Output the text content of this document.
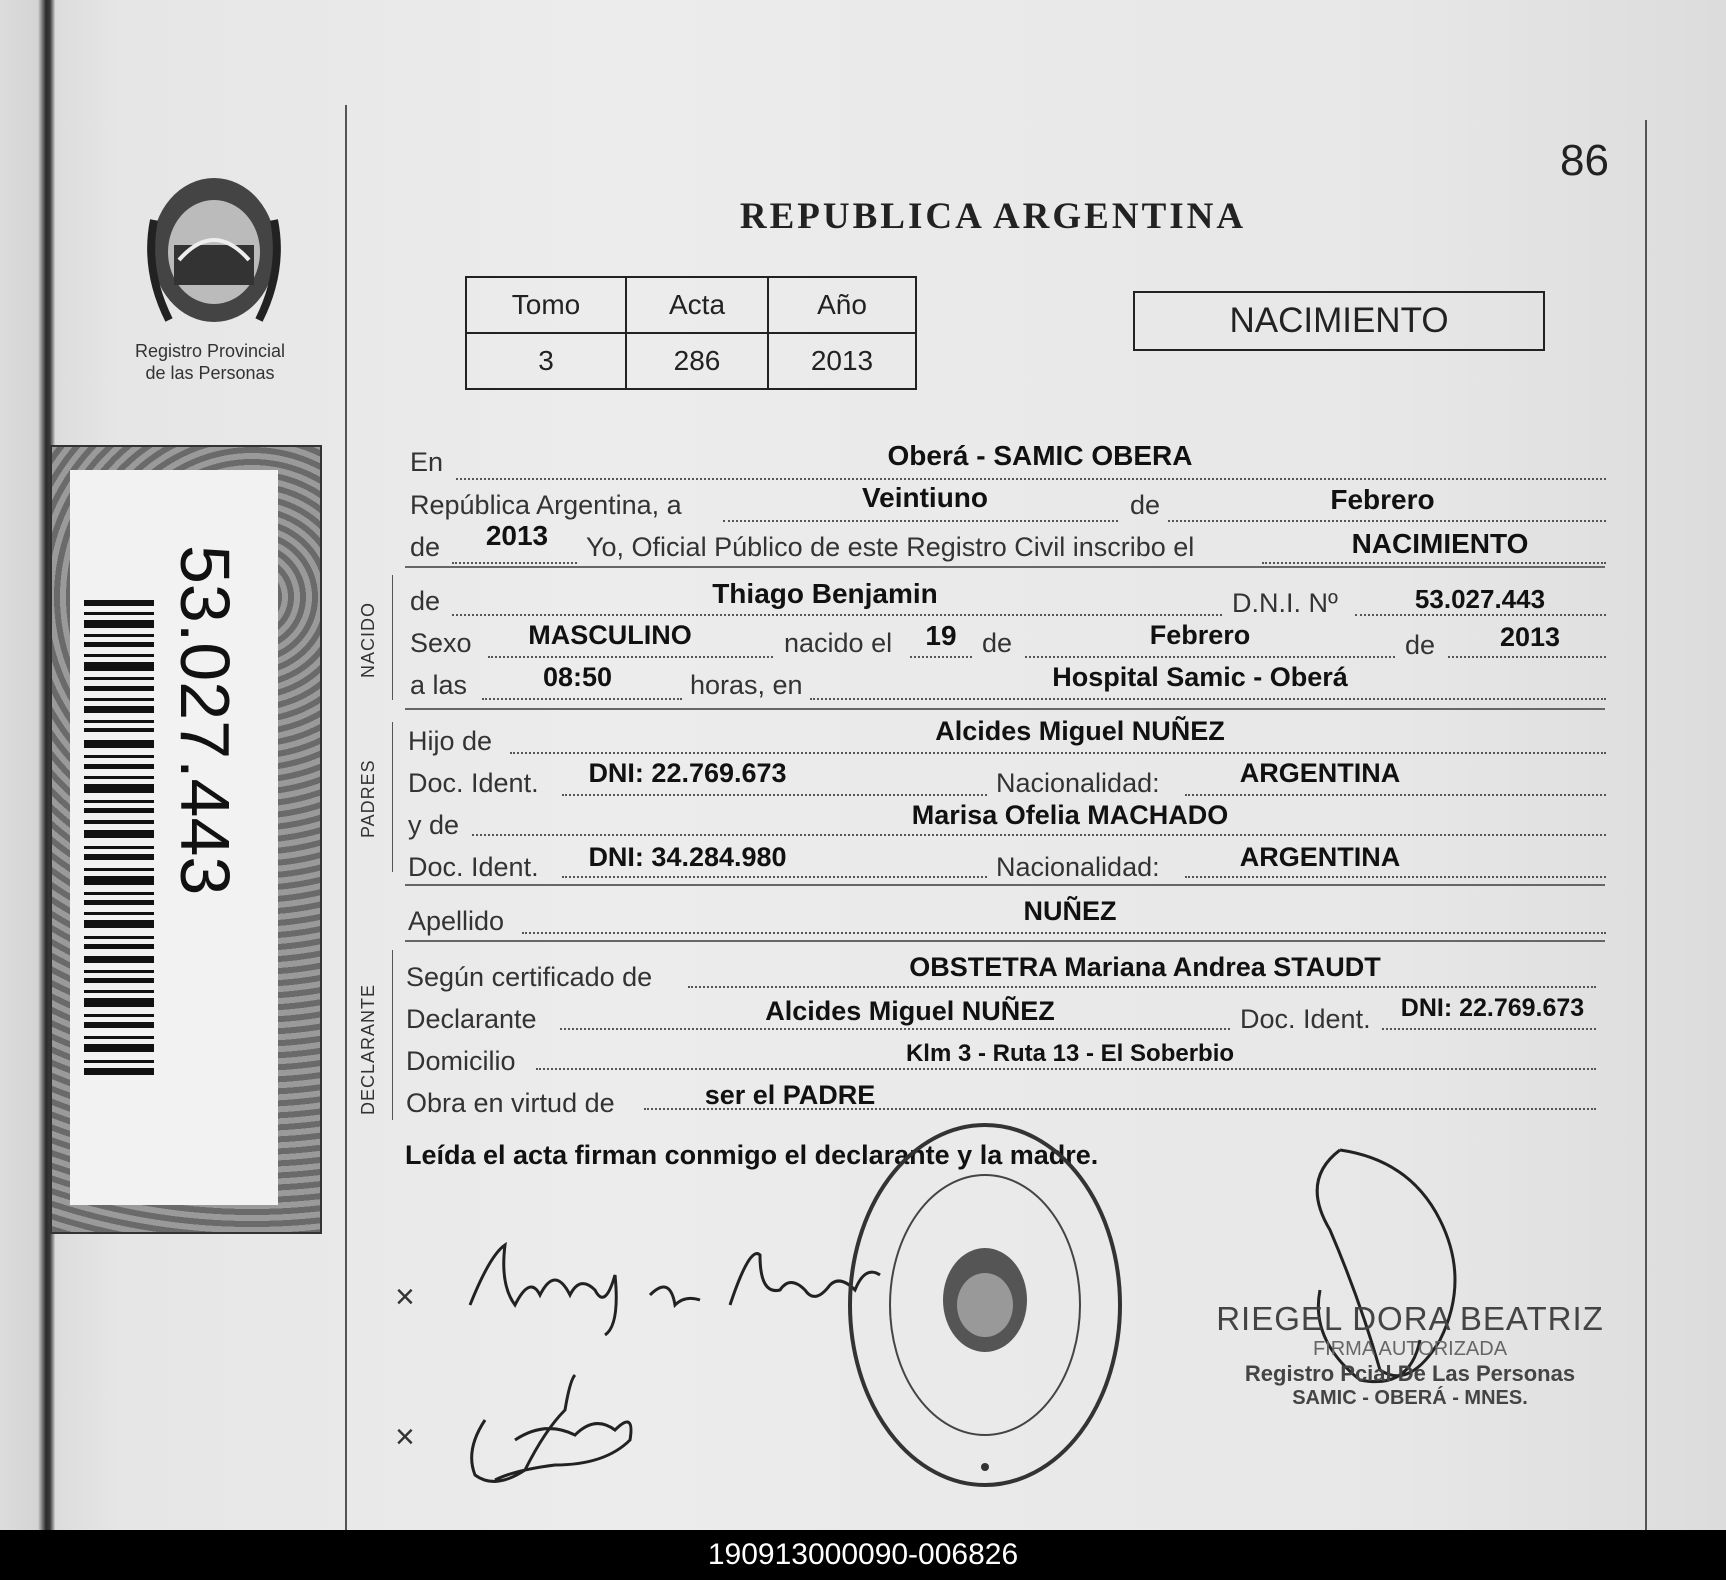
Registro Provincial
de las Personas
53.027.443
86
REPUBLICA ARGENTINA
Tomo	Acta	Año
3	286	2013
NACIMIENTO
NACIDO
PADRES
DECLARANTE
En	Oberá - SAMIC OBERA
República Argentina, a	Veintiuno	de	Febrero
de	2013	Yo, Oficial Público de este Registro Civil inscribo el	NACIMIENTO
de	Thiago Benjamin	D.N.I. Nº	53.027.443
Sexo	MASCULINO	nacido el	19 de	Febrero	de	2013
a las	08:50	horas, en	Hospital Samic - Oberá
Hijo de	Alcides Miguel NUÑEZ
Doc. Ident.	DNI: 22.769.673	Nacionalidad:	ARGENTINA
y de	Marisa Ofelia MACHADO
Doc. Ident.	DNI: 34.284.980	Nacionalidad:	ARGENTINA
Apellido	NUÑEZ
Según certificado de	OBSTETRA Mariana Andrea STAUDT
Declarante	Alcides Miguel NUÑEZ	Doc. Ident.	DNI: 22.769.673
Domicilio	Klm 3 - Ruta 13 - El Soberbio
Obra en virtud de	ser el PADRE
Leída el acta firman conmigo el declarante y la madre.
×
×
RIEGEL DORA BEATRIZ
FIRMA AUTORIZADA
Registro Pcial De Las Personas
SAMIC - OBERÁ - MNES.
190913000090-006826
